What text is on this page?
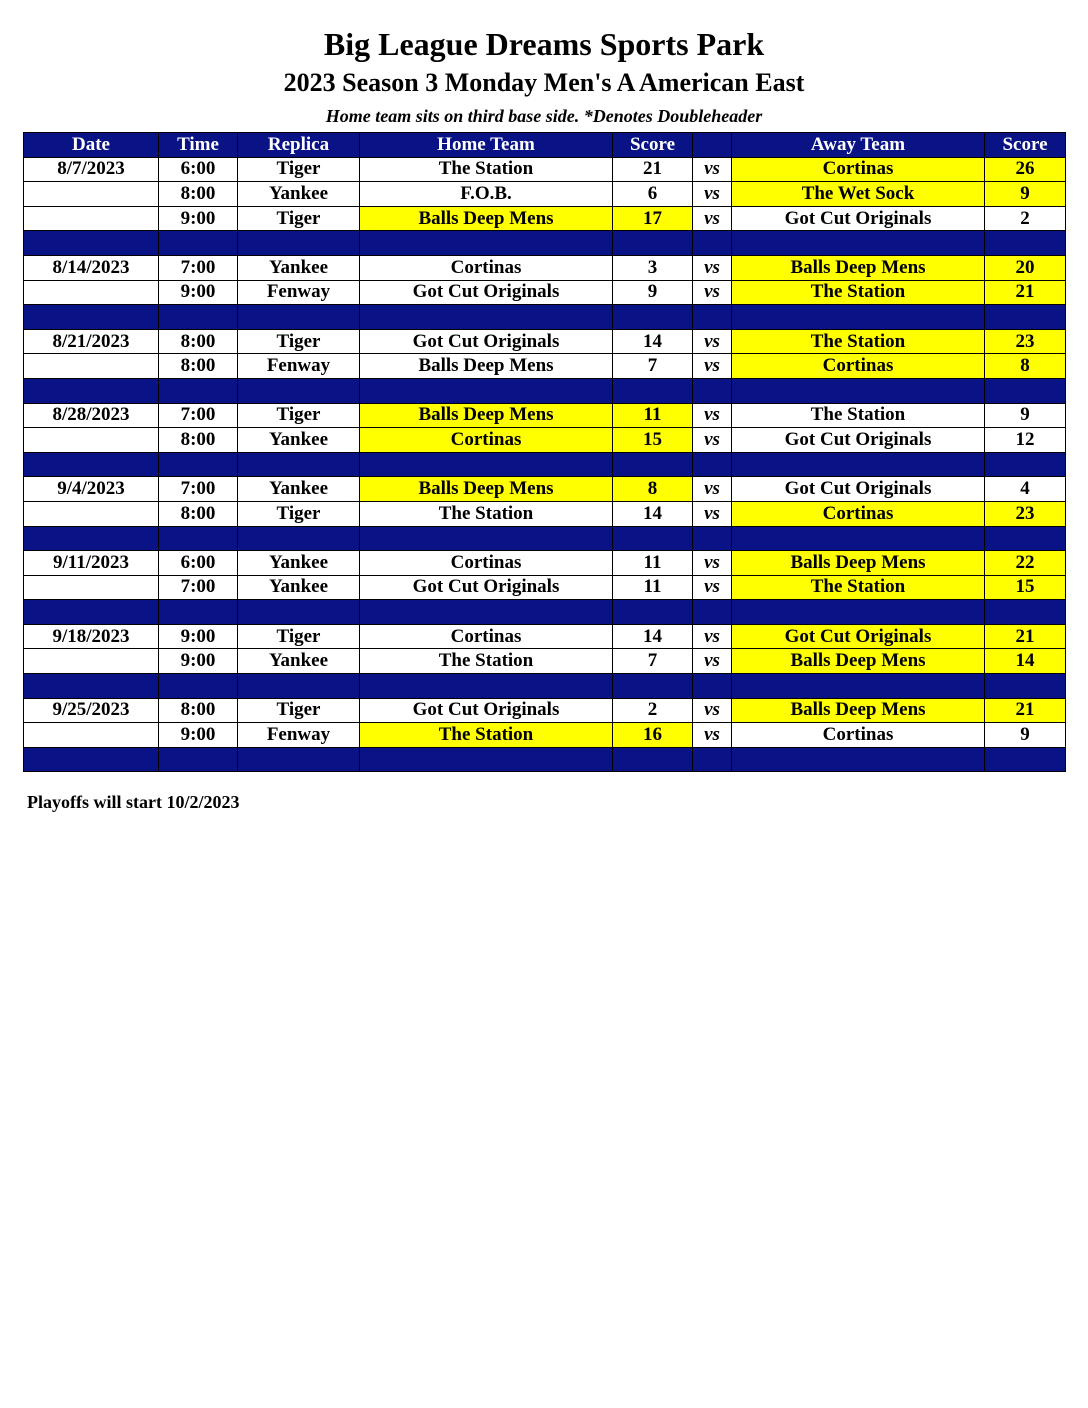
Big League Dreams Sports Park
2023 Season 3 Monday Men's A American East
Home team sits on third base side. *Denotes Doubleheader
Date	Time	Replica	Home Team	Score		Away Team	Score
8/7/2023	6:00	Tiger	The Station	21	vs	Cortinas	26
	8:00	Yankee	F.O.B.	6	vs	The Wet Sock	9
	9:00	Tiger	Balls Deep Mens	17	vs	Got Cut Originals	2

8/14/2023	7:00	Yankee	Cortinas	3	vs	Balls Deep Mens	20
	9:00	Fenway	Got Cut Originals	9	vs	The Station	21

8/21/2023	8:00	Tiger	Got Cut Originals	14	vs	The Station	23
	8:00	Fenway	Balls Deep Mens	7	vs	Cortinas	8

8/28/2023	7:00	Tiger	Balls Deep Mens	11	vs	The Station	9
	8:00	Yankee	Cortinas	15	vs	Got Cut Originals	12

9/4/2023	7:00	Yankee	Balls Deep Mens	8	vs	Got Cut Originals	4
	8:00	Tiger	The Station	14	vs	Cortinas	23

9/11/2023	6:00	Yankee	Cortinas	11	vs	Balls Deep Mens	22
	7:00	Yankee	Got Cut Originals	11	vs	The Station	15

9/18/2023	9:00	Tiger	Cortinas	14	vs	Got Cut Originals	21
	9:00	Yankee	The Station	7	vs	Balls Deep Mens	14

9/25/2023	8:00	Tiger	Got Cut Originals	2	vs	Balls Deep Mens	21
	9:00	Fenway	The Station	16	vs	Cortinas	9

Playoffs will start 10/2/2023
